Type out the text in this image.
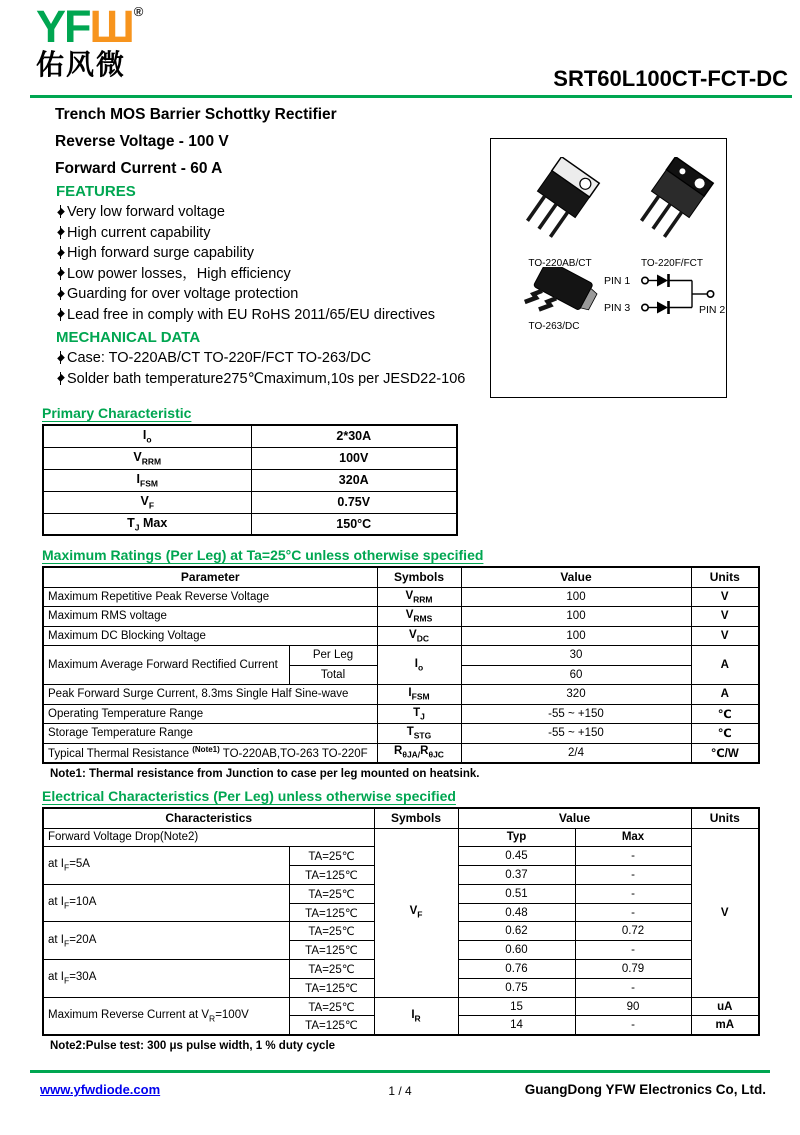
YFШ®
佑风微	SRT60L100CT-FCT-DC
Trench MOS Barrier Schottky Rectifier
Reverse Voltage - 100 V
Forward Current - 60 A
FEATURES
Very low forward voltage
High current capability
High forward surge capability
Low power losses，High efficiency
Guarding for over voltage protection
Lead free in comply with EU RoHS 2011/65/EU directives
MECHANICAL DATA
Case: TO-220AB/CT TO-220F/FCT TO-263/DC
Solder bath temperature275℃maximum,10s per JESD22-106
TO-220AB/CT	TO-220F/FCT
TO-263/DC
PIN 1
PIN 3	PIN 2
Primary Characteristic
$I_o$	2*30A
$V_{RRM}$	100V
$I_{FSM}$	320A
$V_F$	0.75V
$T_J$ Max	150°C
Maximum Ratings (Per Leg) at Ta=25°C unless otherwise specified
Parameter		Symbols	Value	Units
Maximum Repetitive Peak Reverse Voltage		$V_{RRM}$	100	V
Maximum RMS voltage		$V_{RMS}$	100	V
Maximum DC Blocking Voltage		$V_{DC}$	100	V
Maximum Average Forward Rectified Current	Per Leg	$I_o$	30	A
	Total		60	
Peak Forward Surge Current, 8.3ms Single Half Sine-wave		$I_{FSM}$	320	A
Operating Temperature Range		$T_J$	-55 ~ +150	℃
Storage Temperature Range		$T_{STG}$	-55 ~ +150	℃
Typical Thermal Resistance $^{(Note1)}$ TO-220AB,TO-263 TO-220F		$R_{\theta JA/}R_{\theta JC}$	2/4	℃/W
Note1: Thermal resistance from Junction to case per leg mounted on heatsink.
Electrical Characteristics (Per Leg) unless otherwise specified
Characteristics		Symbols	Value		Units
Forward Voltage Drop(Note2)		$V_F$	Typ	Max	V
at $I_F=5A$	TA=25℃		0.45	-	
	TA=125℃		0.37	-	
at $I_F=10A$	TA=25℃		0.51	-	
	TA=125℃		0.48	-	
at $I_F=20A$	TA=25℃		0.62	0.72	
	TA=125℃		0.60	-	
at $I_F=30A$	TA=25℃		0.76	0.79	
	TA=125℃		0.75	-	
Maximum Reverse Current at $V_R=100V$	TA=25℃	$I_R$	15	90	uA
	TA=125℃		14	-	mA
Note2:Pulse test: 300 μs pulse width, 1 % duty cycle
www.yfwdiode.com	1 / 4	GuangDong YFW Electronics Co, Ltd.
